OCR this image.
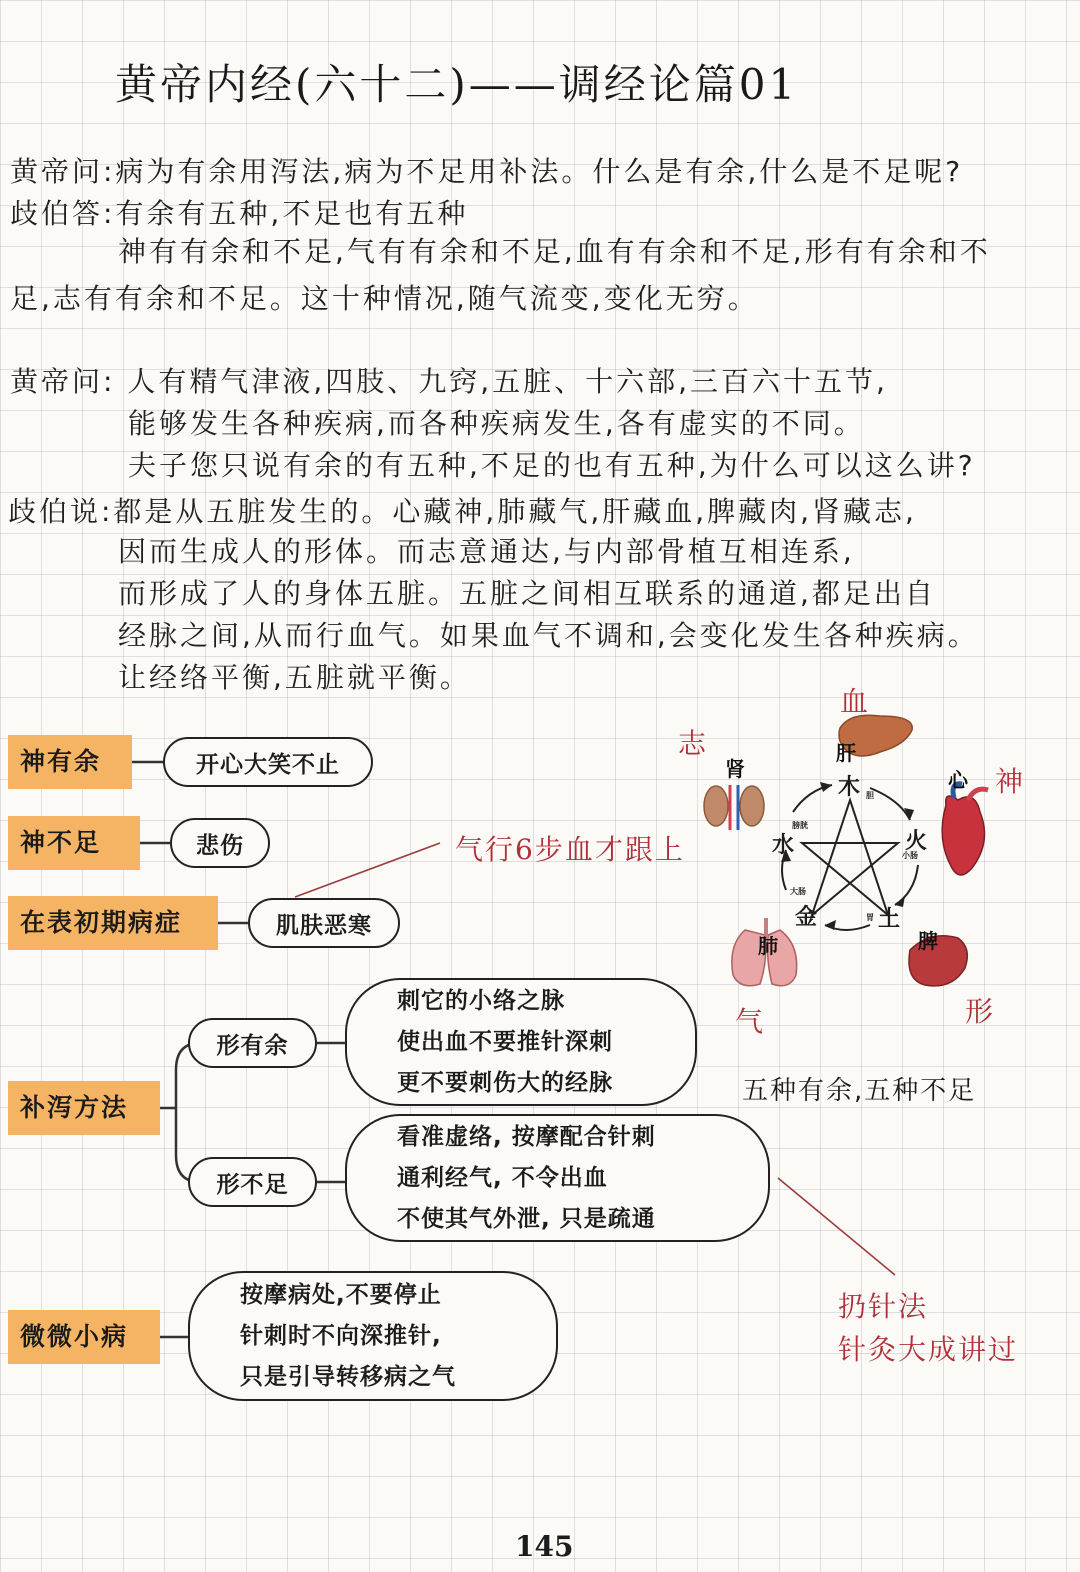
黄帝内经(六十二)——调经论篇01
黄帝问:病为有余用泻法,病为不足用补法。什么是有余,什么是不足呢?
歧伯答:有余有五种,不足也有五种
神有有余和不足,气有有余和不足,血有有余和不足,形有有余和不
足,志有有余和不足。这十种情况,随气流变,变化无穷。
黄帝问: 人有精气津液,四肢、九窍,五脏、十六部,三百六十五节,
能够发生各种疾病,而各种疾病发生,各有虚实的不同。
夫子您只说有余的有五种,不足的也有五种,为什么可以这么讲?
歧伯说:都是从五脏发生的。心藏神,肺藏气,肝藏血,脾藏肉,肾藏志,
因而生成人的形体。而志意通达,与内部骨植互相连系,
而形成了人的身体五脏。五脏之间相互联系的通道,都足出自
经脉之间,从而行血气。如果血气不调和,会变化发生各种疾病。
让经络平衡,五脏就平衡。
神有余	开心大笑不止
神不足	悲伤
在表初期病症	肌肤恶寒
补泻方法
形有余
形不足
刺它的小络之脉
使出血不要推针深刺
更不要刺伤大的经脉
看准虚络, 按摩配合针刺
通利经气, 不令出血
不使其气外泄, 只是疏通
微微小病
按摩病处,不要停止
针刺时不向深推针,
只是引导转移病之气
气行6步血才跟上
扔针法
针灸大成讲过
木
火
土
金
水
肝
心
脾
肺
肾
胆
小肠
胃
大肠
膀胱
血
神
形
气
志
五种有余,五种不足
145
